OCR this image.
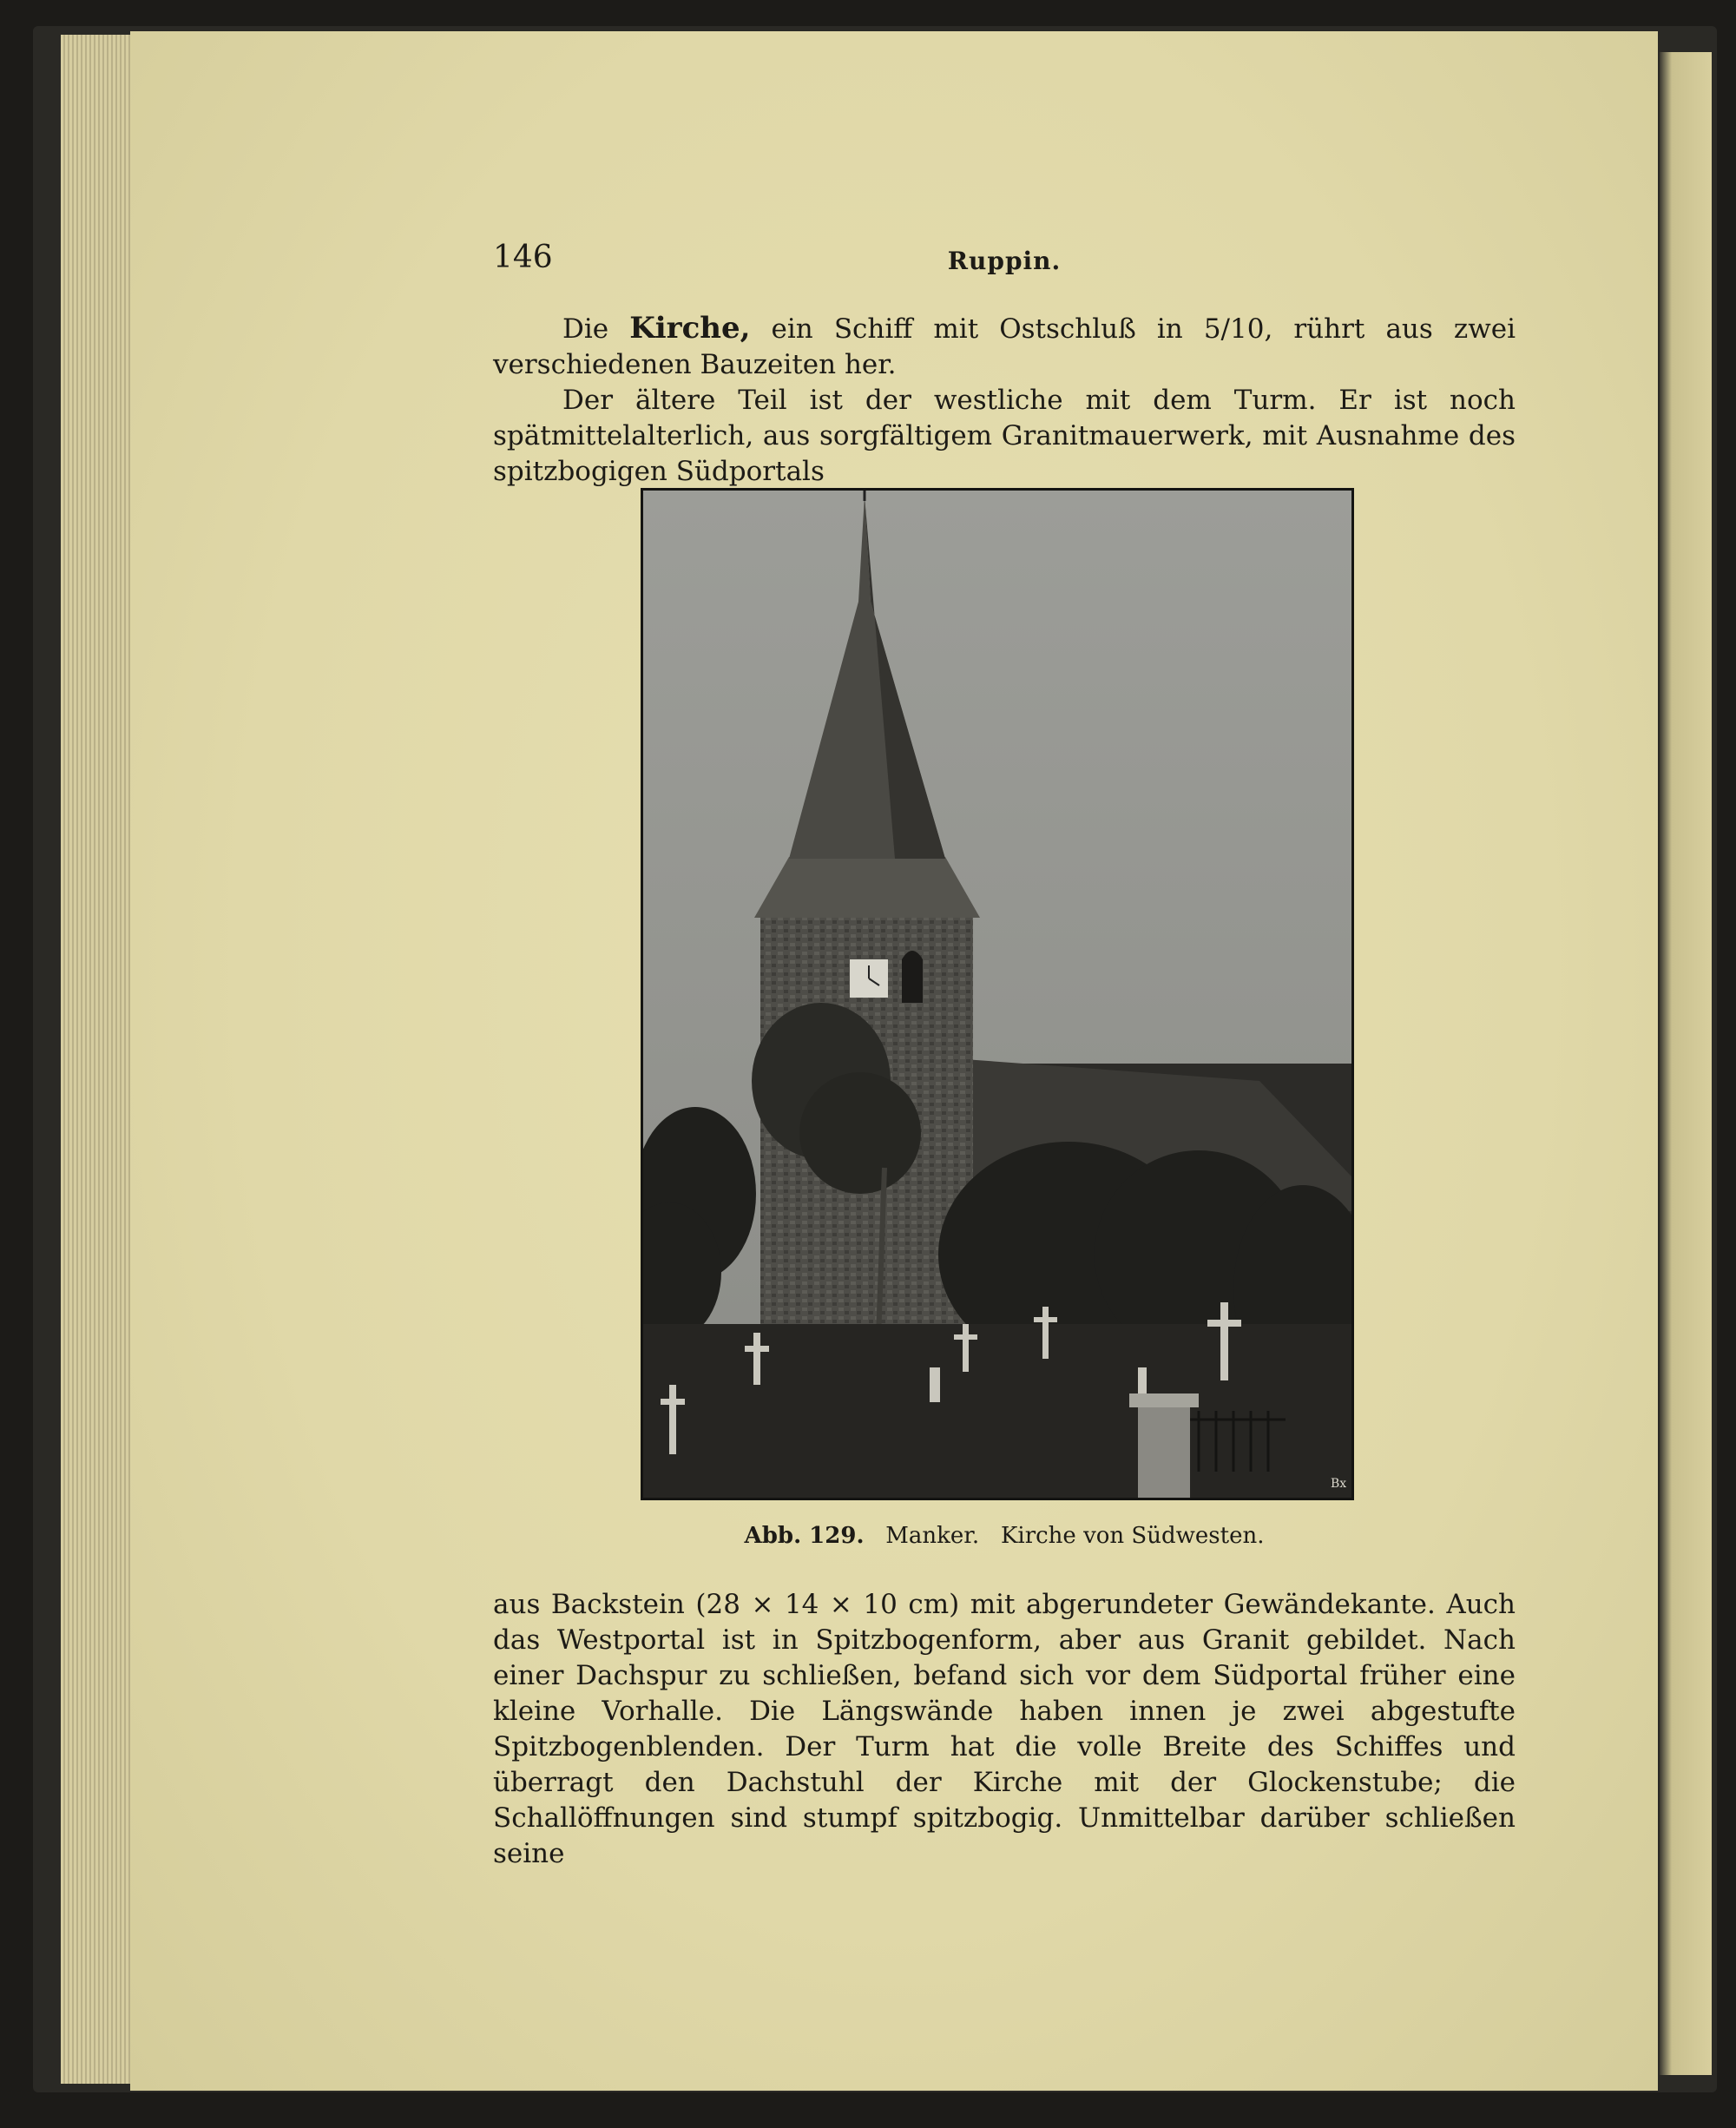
146	Ruppin.

Die Kirche, ein Schiff mit Ostschluß in 5/10, rührt aus zwei verschiedenen Bauzeiten her.

Der ältere Teil ist der westliche mit dem Turm. Er ist noch spätmittelalterlich, aus sorgfältigem Granitmauerwerk, mit Ausnahme des spitzbogigen Südportals

Bx
Abb. 129. Manker. Kirche von Südwesten.

aus Backstein (28 × 14 × 10 cm) mit abgerundeter Gewändekante. Auch das Westportal ist in Spitzbogenform, aber aus Granit gebildet. Nach einer Dachspur zu schließen, befand sich vor dem Südportal früher eine kleine Vorhalle. Die Längswände haben innen je zwei abgestufte Spitzbogenblenden. Der Turm hat die volle Breite des Schiffes und überragt den Dachstuhl der Kirche mit der Glockenstube; die Schallöffnungen sind stumpf spitzbogig. Unmittelbar darüber schließen seine
